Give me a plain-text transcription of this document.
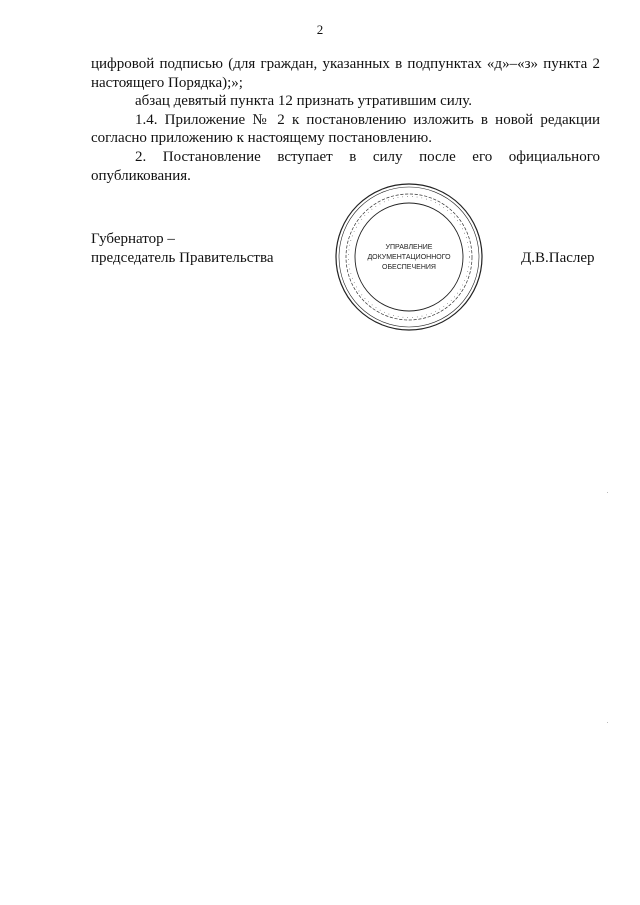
2

цифровой подписью (для граждан, указанных в подпунктах «д»–«з» пункта 2 настоящего Порядка);»;

абзац девятый пункта 12 признать утратившим силу.

1.4. Приложение № 2 к постановлению изложить в новой редакции согласно приложению к настоящему постановлению.

2. Постановление вступает в силу после его официального опубликования.

Губернатор –
председатель Правительства	Д.В.Паслер
УПРАВЛЕНИЕ
ДОКУМЕНТАЦИОННОГО
ОБЕСПЕЧЕНИЯ
